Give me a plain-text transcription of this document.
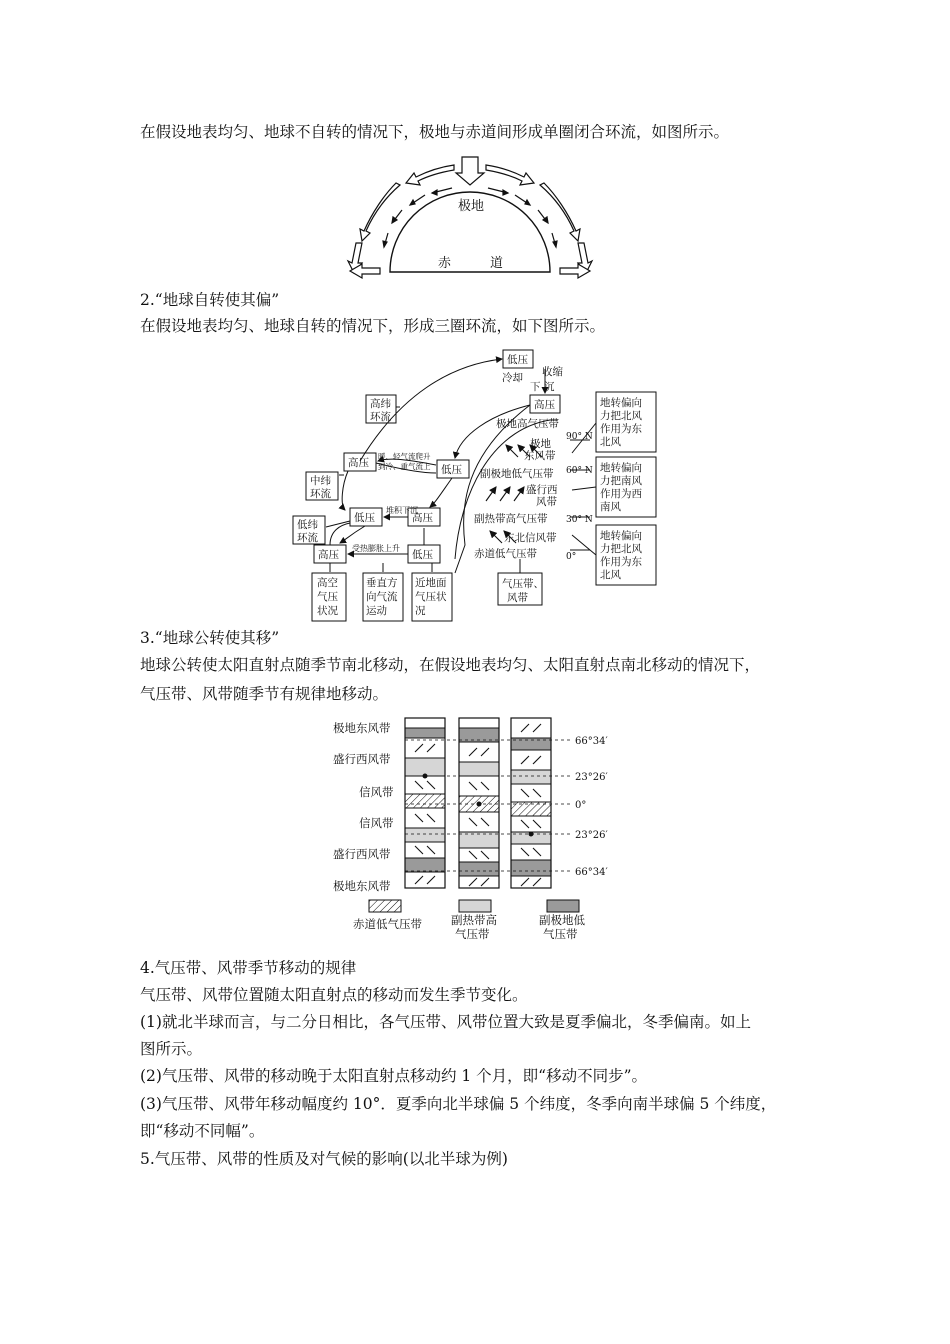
在假设地表均匀、地球不自转的情况下，极地与赤道间形成单圈闭合环流，如图所示。
极地
赤	道
2.“地球自转使其偏”
在假设地表均匀、地球自转的情况下，形成三圈环流，如下图所示。
低压
冷却 收缩
下 沉
高压
高纬
环流
高压
暖、轻气流爬升
到冷、重气流上 低压
中纬
环流
低压
堆积下沉
高压
低纬
环流
高压
受热膨胀上升
低压
高空
气压
状况
垂直方
向气流
运动
近地面
气压状
况
极地高气压带
极地
东风带
副极地低气压带
盛行西
风带
副热带高气压带
东北信风带
赤道低气压带
90° N
60° N
30° N
0°
气压带、
风带
地转偏向
力把北风
作用为东
北风
地转偏向
力把南风
作用为西
南风
地转偏向
力把北风
作用为东
北风
3.“地球公转使其移”
地球公转使太阳直射点随季节南北移动，在假设地表均匀、太阳直射点南北移动的情况下，
气压带、风带随季节有规律地移动。
极地东风带
盛行西风带
信风带
信风带
盛行西风带
极地东风带
66°34′
23°26′
0°
23°26′
66°34′
赤道低气压带	副热带高
气压带
副极地低
气压带
4.气压带、风带季节移动的规律
气压带、风带位置随太阳直射点的移动而发生季节变化。
(1)就北半球而言，与二分日相比，各气压带、风带位置大致是夏季偏北，冬季偏南。如上
图所示。
(2)气压带、风带的移动晚于太阳直射点移动约 1 个月，即“移动不同步”。
(3)气压带、风带年移动幅度约 10°．夏季向北半球偏 5 个纬度，冬季向南半球偏 5 个纬度，
即“移动不同幅”。
5.气压带、风带的性质及对气候的影响(以北半球为例)
